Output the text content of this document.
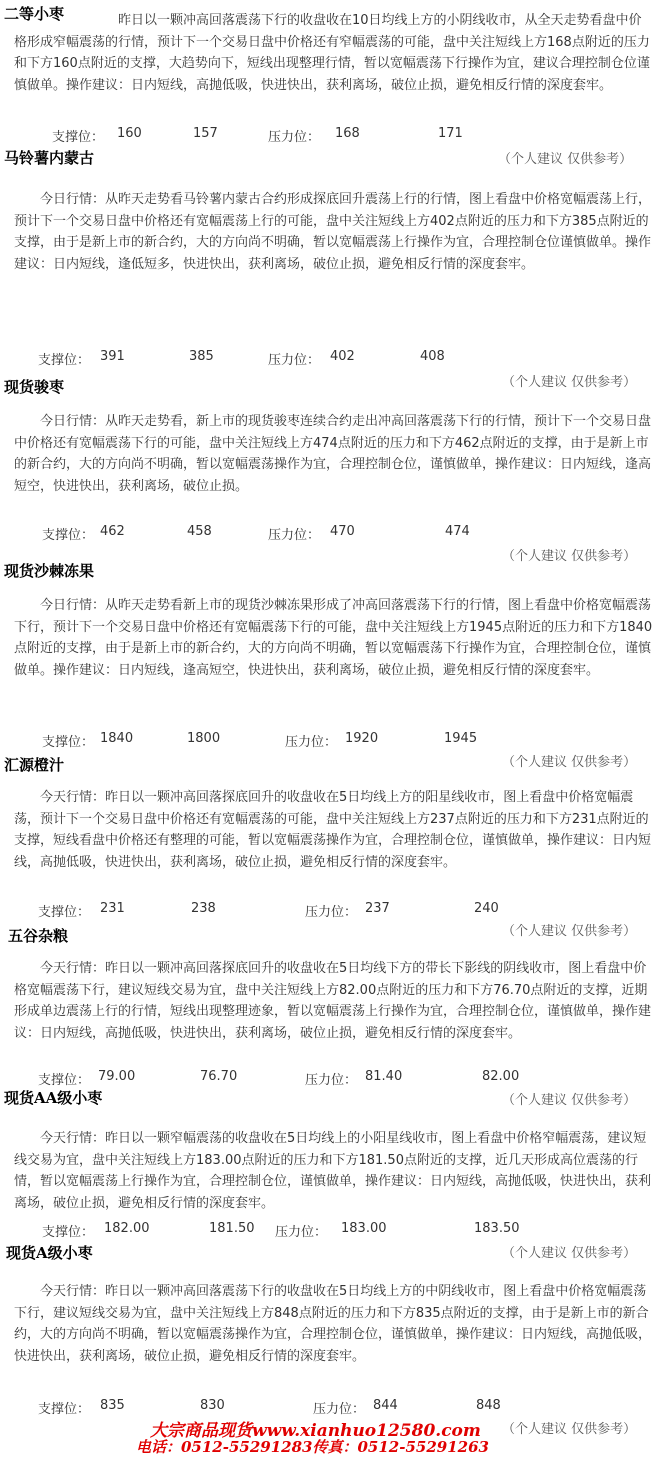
二等小枣	昨日以一颗冲高回落震荡下行的收盘收在10日均线上方的小阴线收市，从全天走势看盘中价格形成窄幅震荡的行情，预计下一个交易日盘中价格还有窄幅震荡的可能，盘中关注短线上方168点附近的压力和下方160点附近的支撑，大趋势向下，短线出现整理行情，暂以宽幅震荡下行操作为宜，建议合理控制仓位谨慎做单。操作建议：日内短线，高抛低吸，快进快出，获利离场，破位止损，避免相反行情的深度套牢。
支撑位： 160	157	压力位： 168	171
马铃薯内蒙古	（个人建议 仅供参考）
今日行情：从昨天走势看马铃薯内蒙古合约形成探底回升震荡上行的行情，图上看盘中价格宽幅震荡上行，预计下一个交易日盘中价格还有宽幅震荡上行的可能，盘中关注短线上方402点附近的压力和下方385点附近的支撑，由于是新上市的新合约，大的方向尚不明确，暂以宽幅震荡上行操作为宜，合理控制仓位谨慎做单。操作建议：日内短线，逢低短多，快进快出，获利离场，破位止损，避免相反行情的深度套牢。
支撑位： 391	385	压力位： 402	408
现货骏枣	（个人建议 仅供参考）
今日行情：从昨天走势看，新上市的现货骏枣连续合约走出冲高回落震荡下行的行情，预计下一个交易日盘中价格还有宽幅震荡下行的可能，盘中关注短线上方474点附近的压力和下方462点附近的支撑，由于是新上市的新合约，大的方向尚不明确，暂以宽幅震荡操作为宜，合理控制仓位，谨慎做单，操作建议：日内短线，逢高短空，快进快出，获利离场，破位止损。
支撑位： 462	458	压力位： 470	474
（个人建议 仅供参考）
现货沙棘冻果
今日行情：从昨天走势看新上市的现货沙棘冻果形成了冲高回落震荡下行的行情，图上看盘中价格宽幅震荡下行，预计下一个交易日盘中价格还有宽幅震荡下行的可能，盘中关注短线上方1945点附近的压力和下方1840点附近的支撑，由于是新上市的新合约，大的方向尚不明确，暂以宽幅震荡下行操作为宜，合理控制仓位，谨慎做单。操作建议：日内短线，逢高短空，快进快出，获利离场，破位止损，避免相反行情的深度套牢。
支撑位： 1840	1800	压力位： 1920	1945
汇源橙汁	（个人建议 仅供参考）
今天行情：昨日以一颗冲高回落探底回升的收盘收在5日均线上方的阳星线收市，图上看盘中价格宽幅震荡，预计下一个交易日盘中价格还有宽幅震荡的可能，盘中关注短线上方237点附近的压力和下方231点附近的支撑，短线看盘中价格还有整理的可能，暂以宽幅震荡操作为宜，合理控制仓位，谨慎做单，操作建议：日内短线，高抛低吸，快进快出，获利离场，破位止损，避免相反行情的深度套牢。
支撑位： 231	238	压力位： 237	240
五谷杂粮	（个人建议 仅供参考）
今天行情：昨日以一颗冲高回落探底回升的收盘收在5日均线下方的带长下影线的阴线收市，图上看盘中价格宽幅震荡下行，建议短线交易为宜，盘中关注短线上方82.00点附近的压力和下方76.70点附近的支撑，近期形成单边震荡上行的行情，短线出现整理迹象，暂以宽幅震荡上行操作为宜，合理控制仓位，谨慎做单，操作建议：日内短线，高抛低吸，快进快出，获利离场，破位止损，避免相反行情的深度套牢。
支撑位： 79.00	76.70	压力位： 81.40	82.00
现货AA级小枣	（个人建议 仅供参考）
今天行情：昨日以一颗窄幅震荡的收盘收在5日均线上的小阳星线收市，图上看盘中价格窄幅震荡，建议短线交易为宜，盘中关注短线上方183.00点附近的压力和下方181.50点附近的支撑，近几天形成高位震荡的行情，暂以宽幅震荡上行操作为宜，合理控制仓位，谨慎做单，操作建议：日内短线，高抛低吸，快进快出，获利离场，破位止损，避免相反行情的深度套牢。
支撑位： 182.00	181.50 压力位： 183.00	183.50
现货A级小枣	（个人建议 仅供参考）
今天行情：昨日以一颗冲高回落震荡下行的收盘收在5日均线上方的中阴线收市，图上看盘中价格宽幅震荡下行，建议短线交易为宜，盘中关注短线上方848点附近的压力和下方835点附近的支撑，由于是新上市的新合约，大的方向尚不明确，暂以宽幅震荡操作为宜，合理控制仓位，谨慎做单，操作建议：日内短线，高抛低吸，快进快出，获利离场，破位止损，避免相反行情的深度套牢。
支撑位： 835	830	压力位： 844	848
大宗商品现货www.xianhuo12580.com （个人建议 仅供参考）
电话：0512-55291283传真：0512-55291263
